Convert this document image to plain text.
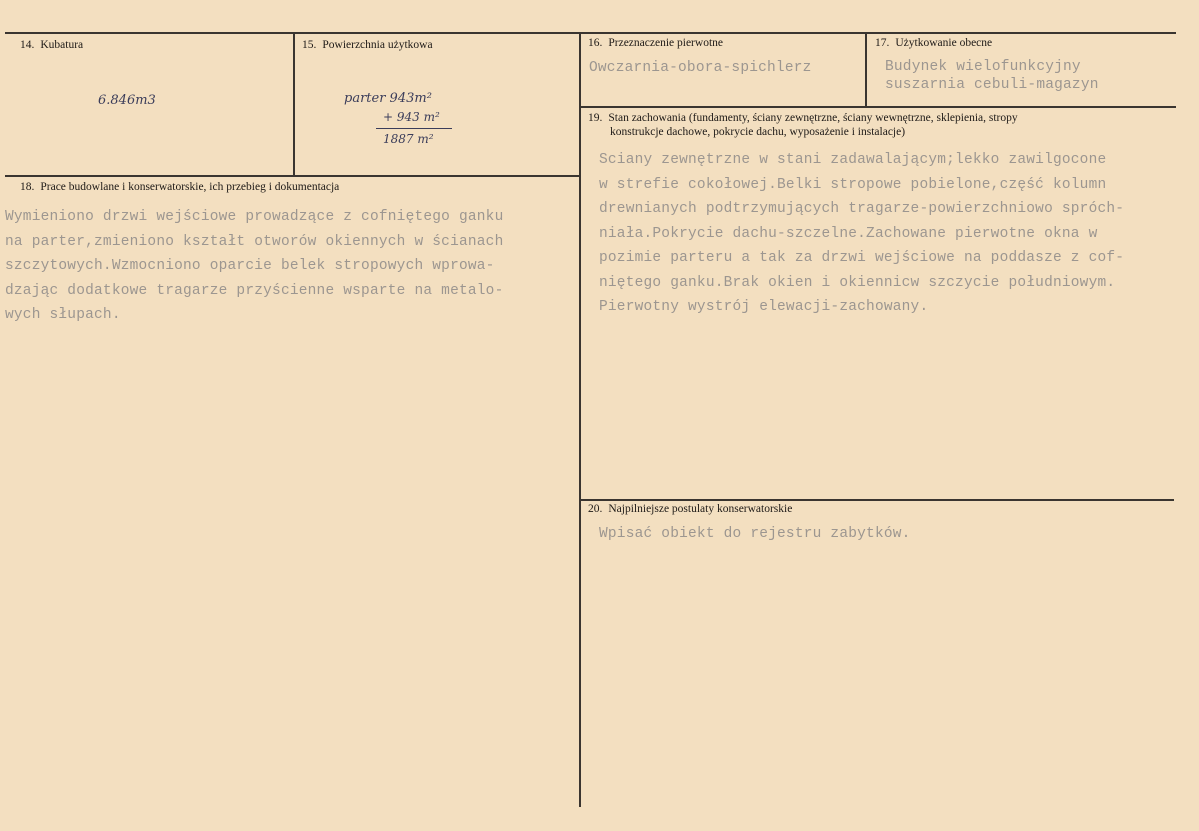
14. Kubatura
6.846m3
15. Powierzchnia użytkowa
parter 943m²
+ 943 m²
1887 m²
16. Przeznaczenie pierwotne
Owczarnia-obora-spichlerz
17. Użytkowanie obecne
Budynek wielofunkcyjny
suszarnia cebuli-magazyn
18. Prace budowlane i konserwatorskie, ich przebieg i dokumentacja
Wymieniono drzwi wejściowe prowadzące z cofniętego ganku
na parter,zmieniono kształt otworów okiennych w ścianach
szczytowych.Wzmocniono oparcie belek stropowych wprowa-
dzając dodatkowe tragarze przyścienne wsparte na metalo-
wych słupach.
19. Stan zachowania (fundamenty, ściany zewnętrzne, ściany wewnętrzne, sklepienia, stropy
konstrukcje dachowe, pokrycie dachu, wyposażenie i instalacje)
Sciany zewnętrzne w stani zadawalającym;lekko zawilgocone
w strefie cokołowej.Belki stropowe pobielone,część kolumn
drewnianych podtrzymujących tragarze-powierzchniowo spróch-
niała.Pokrycie dachu-szczelne.Zachowane pierwotne okna w
pozimie parteru a tak za drzwi wejściowe na poddasze z cof-
niętego ganku.Brak okien i okiennicw szczycie południowym.
Pierwotny wystrój elewacji-zachowany.
20. Najpilniejsze postulaty konserwatorskie
Wpisać obiekt do rejestru zabytków.
